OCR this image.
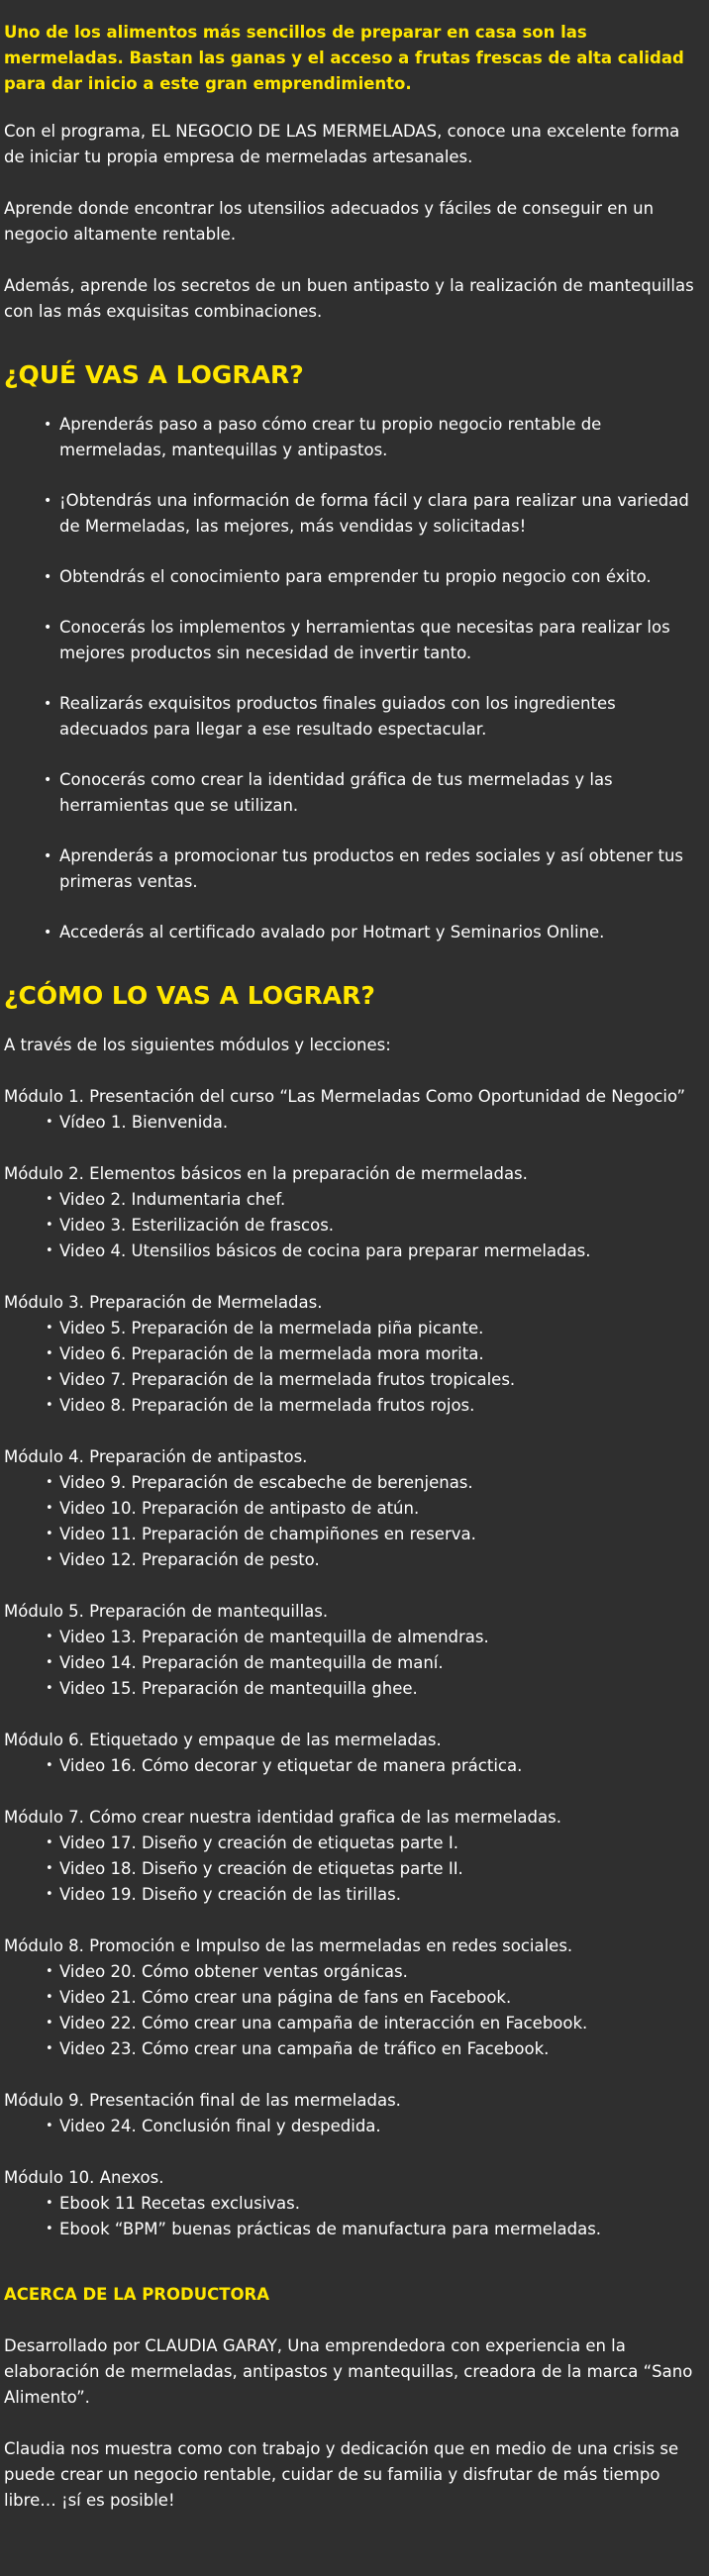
Uno de los alimentos más sencillos de preparar en casa son las mermeladas. Bastan las ganas y el acceso a frutas frescas de alta calidad para dar inicio a este gran emprendimiento.

Con el programa, EL NEGOCIO DE LAS MERMELADAS, conoce una excelente forma de iniciar tu propia empresa de mermeladas artesanales.

Aprende donde encontrar los utensilios adecuados y fáciles de conseguir en un negocio altamente rentable.

Además, aprende los secretos de un buen antipasto y la realización de mantequillas con las más exquisitas combinaciones.

¿QUÉ VAS A LOGRAR?
• Aprenderás paso a paso cómo crear tu propio negocio rentable de mermeladas, mantequillas y antipastos.
• ¡Obtendrás una información de forma fácil y clara para realizar una variedad de Mermeladas, las mejores, más vendidas y solicitadas!
• Obtendrás el conocimiento para emprender tu propio negocio con éxito.
• Conocerás los implementos y herramientas que necesitas para realizar los mejores productos sin necesidad de invertir tanto.
• Realizarás exquisitos productos finales guiados con los ingredientes adecuados para llegar a ese resultado espectacular.
• Conocerás como crear la identidad gráfica de tus mermeladas y las herramientas que se utilizan.
• Aprenderás a promocionar tus productos en redes sociales y así obtener tus primeras ventas.
• Accederás al certificado avalado por Hotmart y Seminarios Online.
¿CÓMO LO VAS A LOGRAR?

A través de los siguientes módulos y lecciones:

Módulo 1. Presentación del curso “Las Mermeladas Como Oportunidad de Negocio”
• Vídeo 1. Bienvenida.
Módulo 2. Elementos básicos en la preparación de mermeladas.
• Video 2. Indumentaria chef.
• Video 3. Esterilización de frascos.
• Video 4. Utensilios básicos de cocina para preparar mermeladas.
Módulo 3. Preparación de Mermeladas.
• Video 5. Preparación de la mermelada piña picante.
• Video 6. Preparación de la mermelada mora morita.
• Video 7. Preparación de la mermelada frutos tropicales.
• Video 8. Preparación de la mermelada frutos rojos.
Módulo 4. Preparación de antipastos.
• Video 9. Preparación de escabeche de berenjenas.
• Video 10. Preparación de antipasto de atún.
• Video 11. Preparación de champiñones en reserva.
• Video 12. Preparación de pesto.
Módulo 5. Preparación de mantequillas.
• Video 13. Preparación de mantequilla de almendras.
• Video 14. Preparación de mantequilla de maní.
• Video 15. Preparación de mantequilla ghee.
Módulo 6. Etiquetado y empaque de las mermeladas.
• Video 16. Cómo decorar y etiquetar de manera práctica.
Módulo 7. Cómo crear nuestra identidad grafica de las mermeladas.
• Video 17. Diseño y creación de etiquetas parte I.
• Video 18. Diseño y creación de etiquetas parte II.
• Video 19. Diseño y creación de las tirillas.
Módulo 8. Promoción e Impulso de las mermeladas en redes sociales.
• Video 20. Cómo obtener ventas orgánicas.
• Video 21. Cómo crear una página de fans en Facebook.
• Video 22. Cómo crear una campaña de interacción en Facebook.
• Video 23. Cómo crear una campaña de tráfico en Facebook.
Módulo 9. Presentación final de las mermeladas.
• Video 24. Conclusión final y despedida.
Módulo 10. Anexos.
• Ebook 11 Recetas exclusivas.
• Ebook “BPM” buenas prácticas de manufactura para mermeladas.
ACERCA DE LA PRODUCTORA

Desarrollado por CLAUDIA GARAY, Una emprendedora con experiencia en la elaboración de mermeladas, antipastos y mantequillas, creadora de la marca “Sano Alimento”.

Claudia nos muestra como con trabajo y dedicación que en medio de una crisis se puede crear un negocio rentable, cuidar de su familia y disfrutar de más tiempo libre… ¡sí es posible!
